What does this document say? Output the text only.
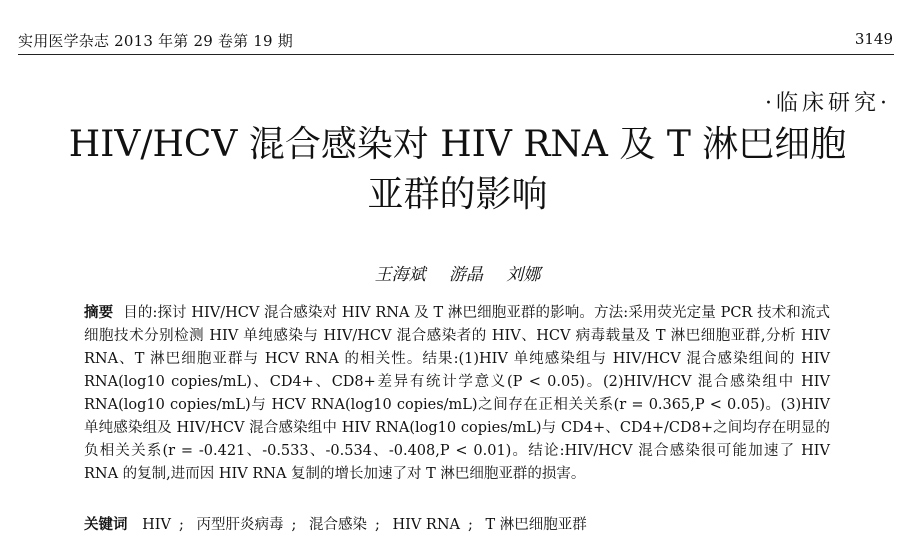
实用医学杂志 2013 年第 29 卷第 19 期	3149
·临床研究·
HIV/HCV 混合感染对 HIV RNA 及 T 淋巴细胞
亚群的影响
王海斌 游晶 刘娜

摘要 目的:探讨 HIV/HCV 混合感染对 HIV RNA 及 T 淋巴细胞亚群的影响。方法:采用荧光定量 PCR 技术和流式细胞技术分别检测 HIV 单纯感染与 HIV/HCV 混合感染者的 HIV、HCV 病毒载量及 T 淋巴细胞亚群,分析 HIV RNA、T 淋巴细胞亚群与 HCV RNA 的相关性。结果:(1)HIV 单纯感染组与 HIV/HCV 混合感染组间的 HIV RNA(log10 copies/mL)、CD4+、CD8+差异有统计学意义(P < 0.05)。(2)HIV/HCV 混合感染组中 HIV RNA(log10 copies/mL)与 HCV RNA(log10 copies/mL)之间存在正相关关系(r = 0.365,P < 0.05)。(3)HIV 单纯感染组及 HIV/HCV 混合感染组中 HIV RNA(log10 copies/mL)与 CD4+、CD4+/CD8+之间均存在明显的负相关关系(r = -0.421、-0.533、-0.534、-0.408,P < 0.01)。结论:HIV/HCV 混合感染很可能加速了 HIV RNA 的复制,进而因 HIV RNA 复制的增长加速了对 T 淋巴细胞亚群的损害。

关键词 HIV ; 丙型肝炎病毒 ; 混合感染 ; HIV RNA ; T 淋巴细胞亚群
